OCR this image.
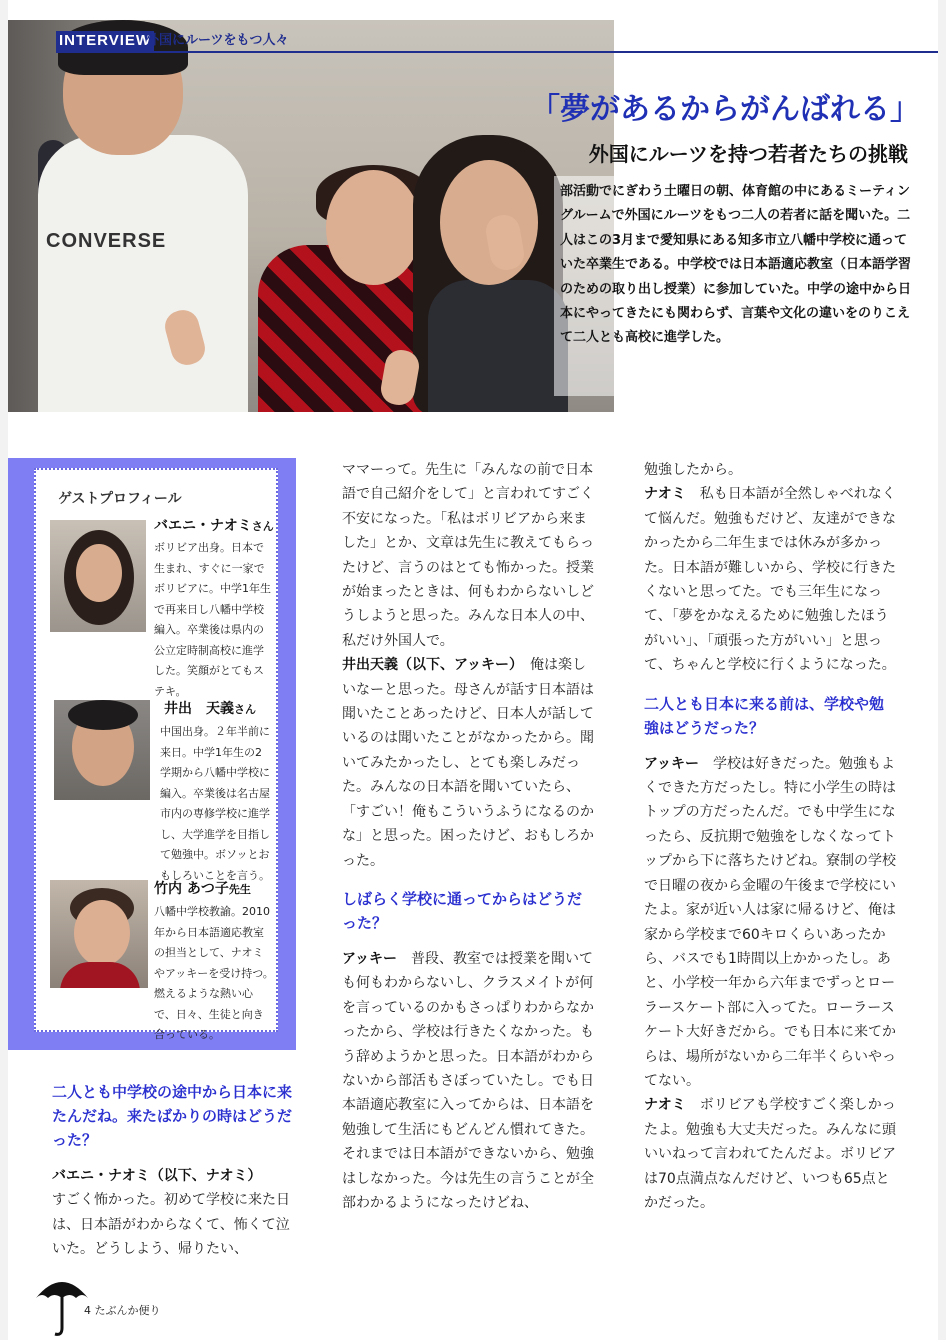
CONVERSE
INTERVIEW
外国にルーツをもつ人々
「夢があるからがんばれる」
外国にルーツを持つ若者たちの挑戦
部活動でにぎわう土曜日の朝、体育館の中にあるミーティングルームで外国にルーツをもつ二人の若者に話を聞いた。二人はこの3月まで愛知県にある知多市立八幡中学校に通っていた卒業生である。中学校では日本語適応教室（日本語学習のための取り出し授業）に参加していた。中学の途中から日本にやってきたにも関わらず、言葉や文化の違いをのりこえて二人とも高校に進学した。
ゲストプロフィール
バエニ・ナオミさん
ボリビア出身。日本で生まれ、すぐに一家でボリビアに。中学1年生で再来日し八幡中学校編入。卒業後は県内の公立定時制高校に進学した。笑顔がとてもステキ。
井出　天義さん
中国出身。２年半前に来日。中学1年生の2学期から八幡中学校に編入。卒業後は名古屋市内の専修学校に進学し、大学進学を目指して勉強中。ボソッとおもしろいことを言う。
竹内 あつ子先生
八幡中学校教諭。2010年から日本語適応教室の担当として、ナオミやアッキーを受け持つ。燃えるような熱い心で、日々、生徒と向き合っている。

二人とも中学校の途中から日本に来たんだね。来たばかりの時はどうだった？

バエニ・ナオミ（以下、ナオミ）

すごく怖かった。初めて学校に来た日は、日本語がわからなくて、怖くて泣いた。どうしよう、帰りたい、

ママーって。先生に「みんなの前で日本語で自己紹介をして」と言われてすごく不安になった。「私はボリビアから来ました」とか、文章は先生に教えてもらったけど、言うのはとても怖かった。授業が始まったときは、何もわからないしどうしようと思った。みんな日本人の中、私だけ外国人で。

井出天義（以下、アッキー）　俺は楽しいなーと思った。母さんが話す日本語は聞いたことあったけど、日本人が話しているのは聞いたことがなかったから。聞いてみたかったし、とても楽しみだった。みんなの日本語を聞いていたら、「すごい！俺もこういうふうになるのかな」と思った。困ったけど、おもしろかった。

しばらく学校に通ってからはどうだった？

アッキー　普段、教室では授業を聞いても何もわからないし、クラスメイトが何を言っているのかもさっぱりわからなかったから、学校は行きたくなかった。もう辞めようかと思った。日本語がわからないから部活もさぼっていたし。でも日本語適応教室に入ってからは、日本語を勉強して生活にもどんどん慣れてきた。それまでは日本語ができないから、勉強はしなかった。今は先生の言うことが全部わかるようになったけどね、

勉強したから。

ナオミ　私も日本語が全然しゃべれなくて悩んだ。勉強もだけど、友達ができなかったから二年生までは休みが多かった。日本語が難しいから、学校に行きたくないと思ってた。でも三年生になって、「夢をかなえるために勉強したほうがいい」、「頑張った方がいい」と思って、ちゃんと学校に行くようになった。

二人とも日本に来る前は、学校や勉強はどうだった？

アッキー　学校は好きだった。勉強もよくできた方だったし。特に小学生の時はトップの方だったんだ。でも中学生になったら、反抗期で勉強をしなくなってトップから下に落ちたけどね。寮制の学校で日曜の夜から金曜の午後まで学校にいたよ。家が近い人は家に帰るけど、俺は家から学校まで60キロくらいあったから、バスでも1時間以上かかったし。あと、小学校一年から六年までずっとローラースケート部に入ってた。ローラースケート大好きだから。でも日本に来てからは、場所がないから二年半くらいやってない。

ナオミ　ボリビアも学校すごく楽しかったよ。勉強も大丈夫だった。みんなに頭いいねって言われてたんだよ。ボリビアは70点満点なんだけど、いつも65点とかだった。

4 たぶんか便り
